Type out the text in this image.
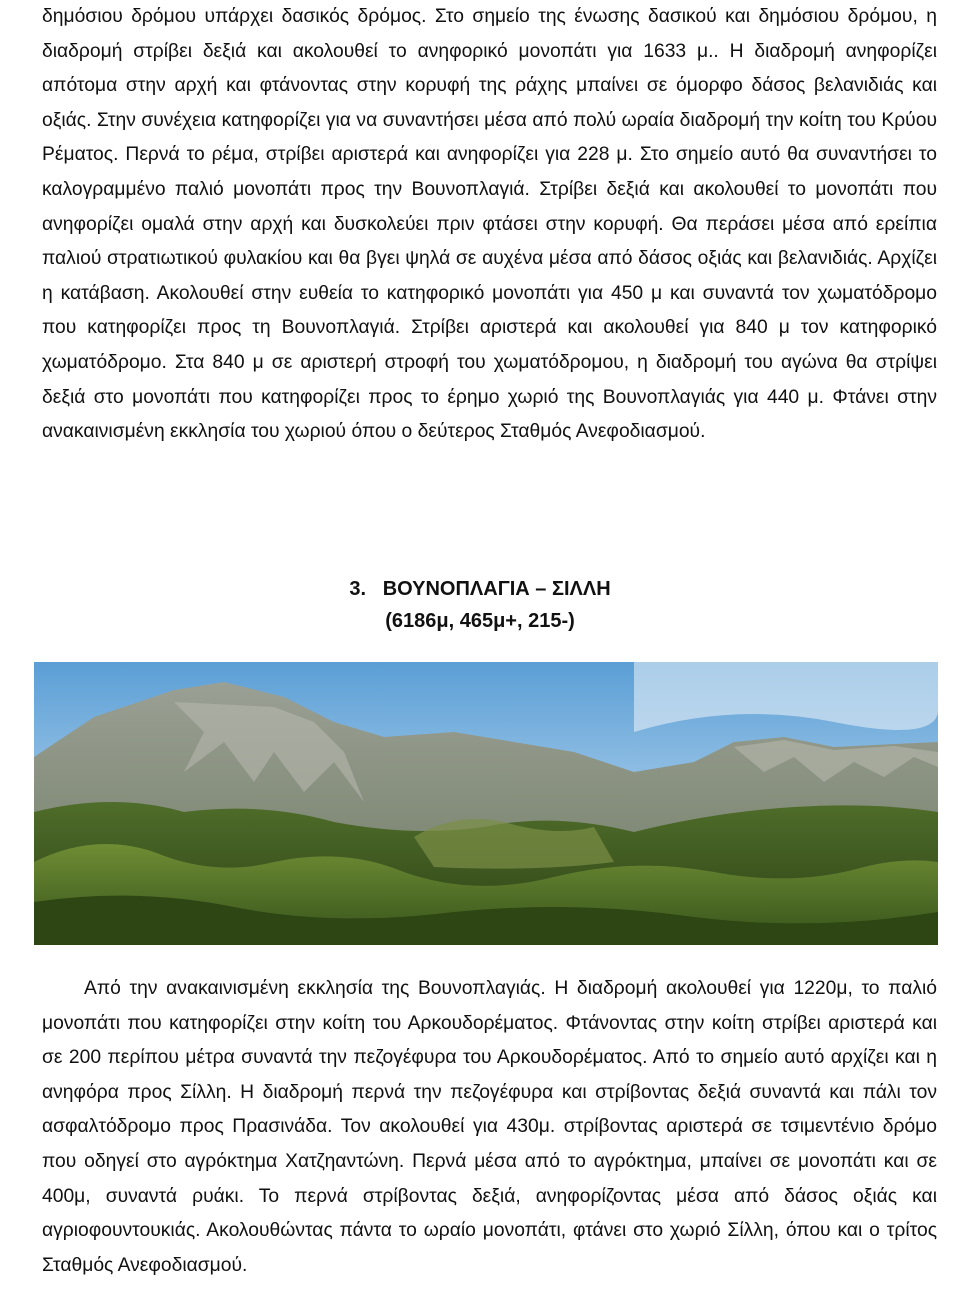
δημόσιου δρόμου υπάρχει δασικός δρόμος. Στο σημείο της ένωσης δασικού και δημόσιου δρόμου, η διαδρομή στρίβει δεξιά και ακολουθεί το ανηφορικό μονοπάτι για 1633 μ.. Η διαδρομή ανηφορίζει απότομα στην αρχή και φτάνοντας στην κορυφή της ράχης μπαίνει σε όμορφο δάσος βελανιδιάς και οξιάς. Στην συνέχεια κατηφορίζει για να συναντήσει μέσα από πολύ ωραία διαδρομή την κοίτη του Κρύου Ρέματος. Περνά το ρέμα, στρίβει αριστερά και ανηφορίζει για 228 μ. Στο σημείο αυτό θα συναντήσει το καλογραμμένο παλιό μονοπάτι προς την Βουνοπλαγιά. Στρίβει δεξιά και ακολουθεί το μονοπάτι που ανηφορίζει ομαλά στην αρχή και δυσκολεύει πριν φτάσει στην κορυφή. Θα περάσει μέσα από ερείπια παλιού στρατιωτικού φυλακίου και θα βγει ψηλά σε αυχένα μέσα από δάσος οξιάς και βελανιδιάς. Αρχίζει η κατάβαση. Ακολουθεί στην ευθεία το κατηφορικό μονοπάτι για 450 μ και συναντά τον χωματόδρομο που κατηφορίζει προς τη Βουνοπλαγιά. Στρίβει αριστερά και ακολουθεί για 840 μ τον κατηφορικό χωματόδρομο. Στα 840 μ σε αριστερή στροφή του χωματόδρομου, η διαδρομή του αγώνα θα στρίψει δεξιά στο μονοπάτι που κατηφορίζει προς το έρημο χωριό της Βουνοπλαγιάς για 440 μ. Φτάνει στην ανακαινισμένη εκκλησία του χωριού όπου ο δεύτερος Σταθμός Ανεφοδιασμού.

3.   ΒΟΥΝΟΠΛΑΓΙΑ – ΣΙΛΛΗ

(6186μ, 465μ+, 215-)

Από την ανακαινισμένη εκκλησία της Βουνοπλαγιάς. Η διαδρομή ακολουθεί για 1220μ, το παλιό μονοπάτι που κατηφορίζει στην κοίτη του Αρκουδορέματος. Φτάνοντας στην κοίτη στρίβει αριστερά και σε 200 περίπου μέτρα συναντά την πεζογέφυρα του Αρκουδορέματος. Από το σημείο αυτό αρχίζει και η ανηφόρα προς Σίλλη. Η διαδρομή περνά την πεζογέφυρα και στρίβοντας δεξιά συναντά και πάλι τον ασφαλτόδρομο προς Πρασινάδα. Τον ακολουθεί για 430μ. στρίβοντας αριστερά σε τσιμεντένιο δρόμο που οδηγεί στο αγρόκτημα Χατζηαντώνη. Περνά μέσα από το αγρόκτημα, μπαίνει σε μονοπάτι και σε 400μ, συναντά ρυάκι. Το περνά στρίβοντας δεξιά, ανηφορίζοντας μέσα από δάσος οξιάς και αγριοφουντουκιάς. Ακολουθώντας πάντα το ωραίο μονοπάτι, φτάνει στο χωριό Σίλλη, όπου και ο τρίτος Σταθμός Ανεφοδιασμού.
